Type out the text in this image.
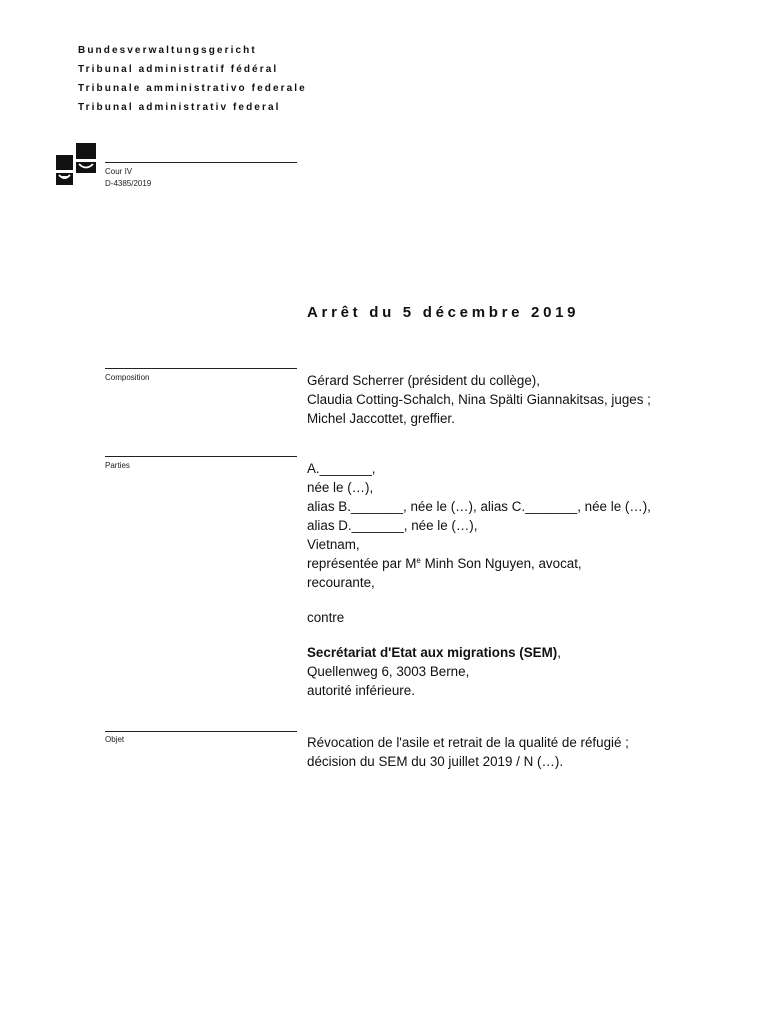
Bundesverwaltungsgericht
Tribunal administratif fédéral
Tribunale amministrativo federale
Tribunal administrativ federal
Cour IV
D-4385/2019
Arrêt du 5 décembre 2019
Composition	Gérard Scherrer (président du collège),
Claudia Cotting-Schalch, Nina Spälti Giannakitsas, juges ;
Michel Jaccottet, greffier.
Parties	A._______,
née le (…),
alias B._______, née le (…), alias C._______, née le (…),
alias D._______, née le (…),
Vietnam,
représentée par Me Minh Son Nguyen, avocat,
recourante,
contre
Secrétariat d'Etat aux migrations (SEM),
Quellenweg 6, 3003 Berne,
autorité inférieure.
Objet	Révocation de l'asile et retrait de la qualité de réfugié ;
décision du SEM du 30 juillet 2019 / N (…).
